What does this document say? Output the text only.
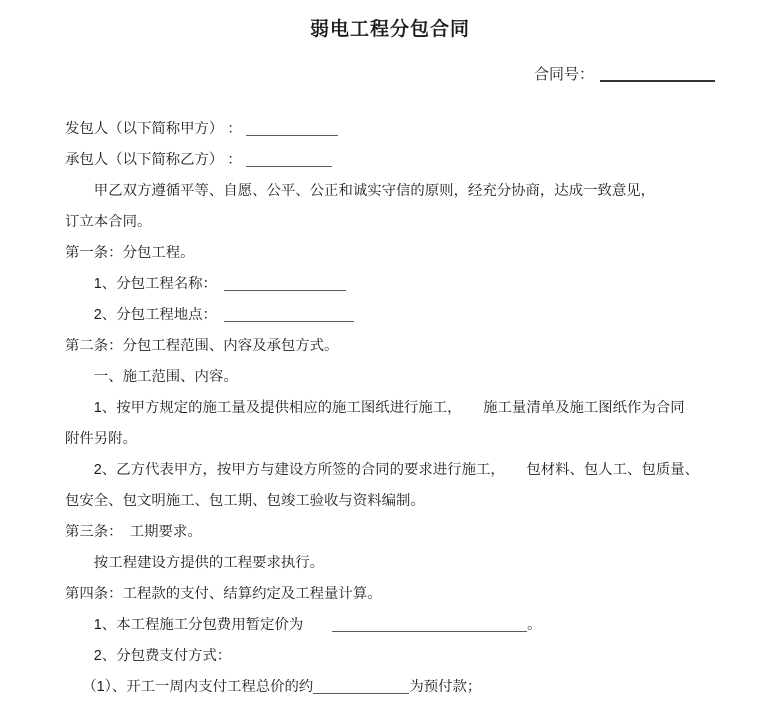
弱电工程分包合同
合同号：
发包人（以下简称甲方） ：
承包人（以下简称乙方） ：
甲乙双方遵循平等、自愿、公平、公正和诚实守信的原则，经充分协商，达成一致意见，
订立本合同。
第一条：分包工程。
1、分包工程名称：　
2、分包工程地点：　
第二条：分包工程范围、内容及承包方式。
一、施工范围、内容。
1、按甲方规定的施工量及提供相应的施工图纸进行施工，　　施工量清单及施工图纸作为合同
附件另附。
2、乙方代表甲方，按甲方与建设方所签的合同的要求进行施工，　　包材料、包人工、包质量、
包安全、包文明施工、包工期、包竣工验收与资料编制。
第三条：　工期要求。
按工程建设方提供的工程要求执行。
第四条：工程款的支付、结算约定及工程量计算。
1、本工程施工分包费用暂定价为　　	。
2、分包费支付方式：
（1）、开工一周内支付工程总价的约	为预付款；
